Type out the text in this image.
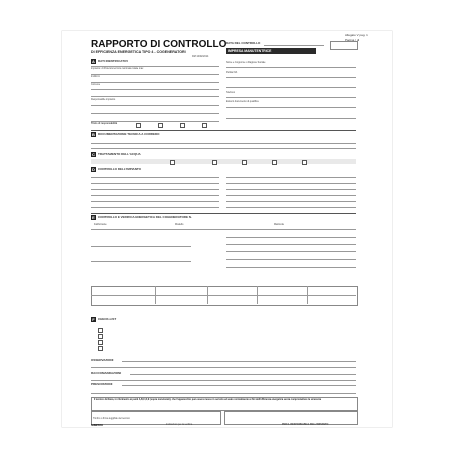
RAPPORTO DI CONTROLLO
DI EFFICIENZA ENERGETICA TIPO 4 - COGENERATORI
Allegato V pag. 1
Pagina / di
DATA DEL CONTROLLO
IMPRESA MANUTENTRICE
DM 10/02/2014
A	DATI IDENTIFICATIVI
Impianto: di Potenza termica nominale totale max
Indirizzo
Comune
Responsabile impianto
Titolo di responsabilità
Nome e Cognome o Ragione Sociale
Partita IVA
Telefono
Estremi documento di qualifica
B	DOCUMENTAZIONE TECNICA A CORREDO
C	TRATTAMENTO DELL'ACQUA
D	CONTROLLO DELL'IMPIANTO
E	CONTROLLO E VERIFICA ENERGETICA DEL COGENERATORE N.
Fabbricante	Modello	Matricola
F	CHECK-LIST
OSSERVAZIONI
RACCOMANDAZIONI
PRESCRIZIONI
Il tecnico dichiara, in riferimento ai punti A,B,C,D,E (sopra menzionati), che l'apparecchio può essere messo in servizio ed usato normalmente ai fini dell'efficienza energetica senza compromettere la sicurezza
Timbro o firma leggibile del tecnico
SIMPRO	Indicazioni per la verifica	PER IL RESPONSABILE DELL'IMPIANTO
